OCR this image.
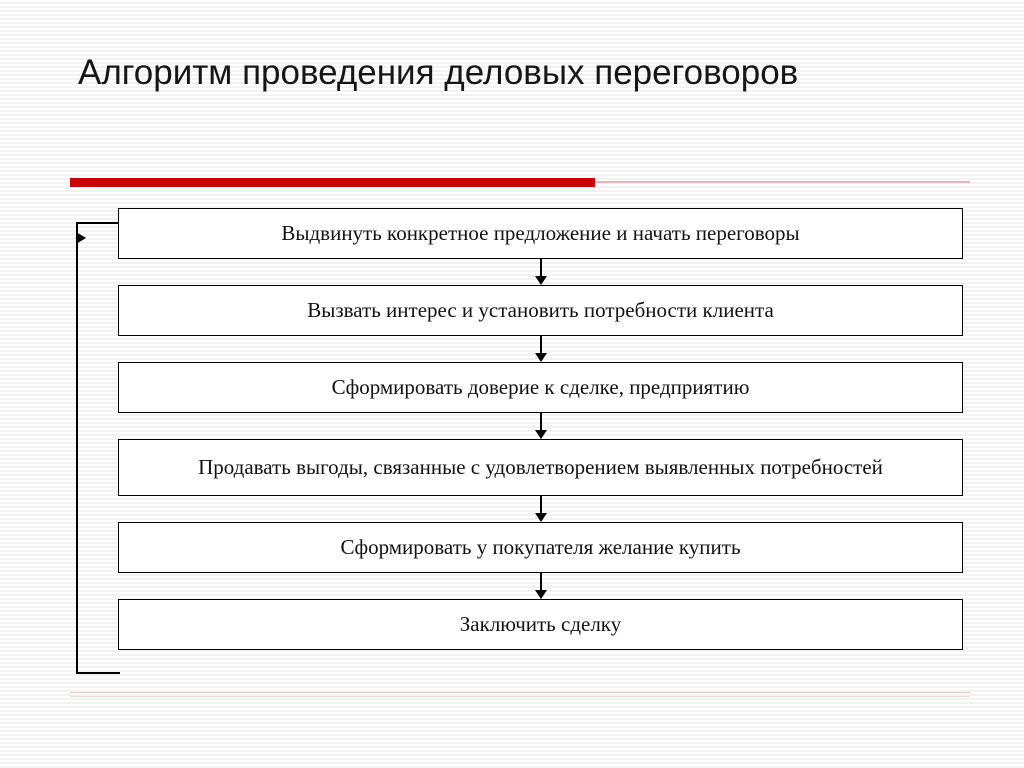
Алгоритм проведения деловых переговоров
Выдвинуть конкретное предложение и начать переговоры
Вызвать интерес и установить потребности клиента
Сформировать доверие к сделке, предприятию
Продавать выгоды, связанные с удовлетворением выявленных потребностей
Сформировать у покупателя желание купить
Заключить сделку
